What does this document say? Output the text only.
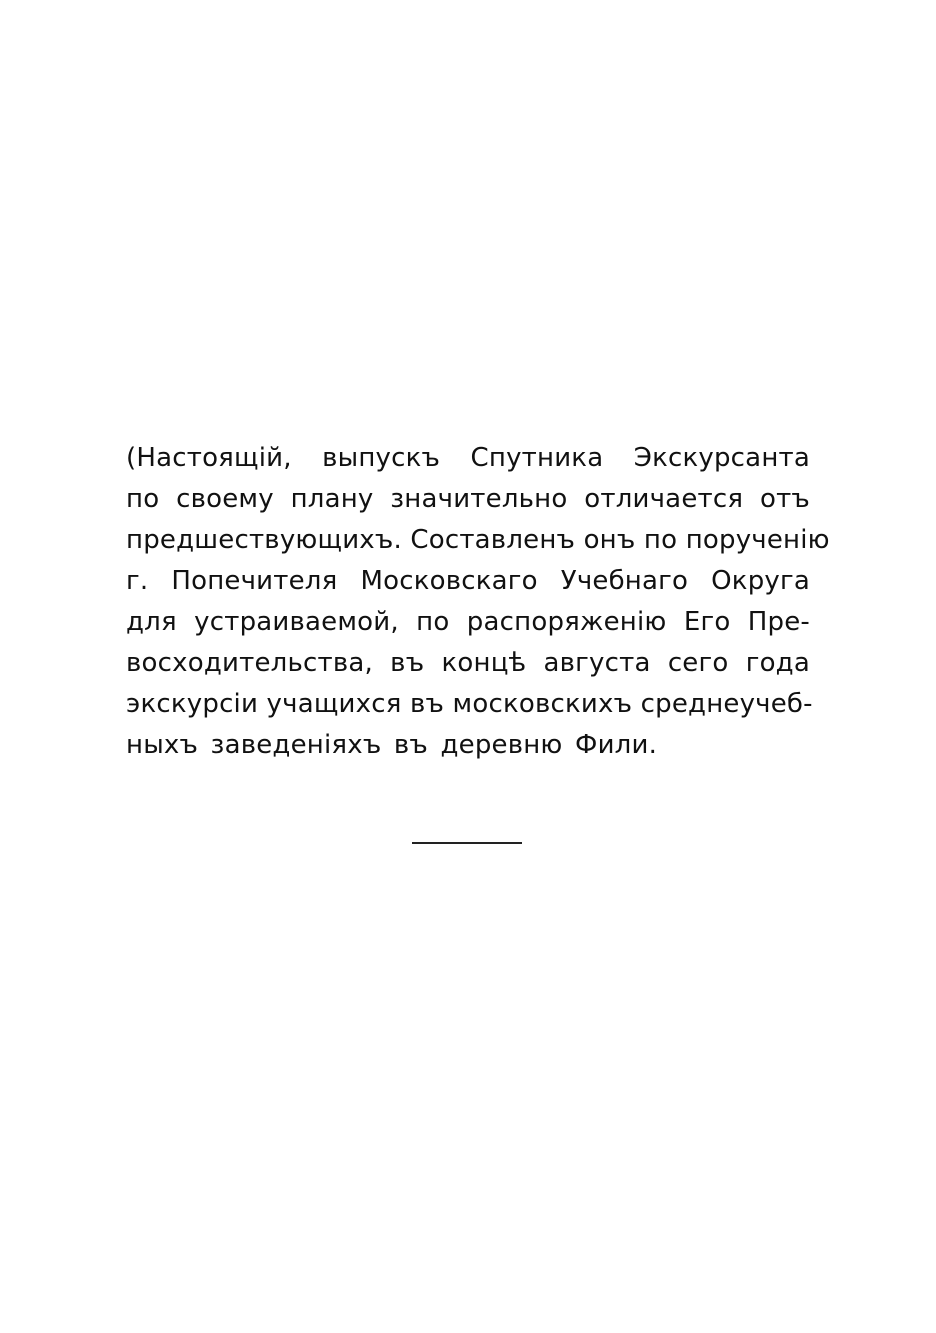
(Настоящій, выпускъ Спутника Экскурсанта
по своему плану значительно отличается отъ
предшествующихъ. Составленъ онъ по порученію
г. Попечителя Московскаго Учебнаго Округа
для устраиваемой, по распоряженію Его Пре-
восходительства, въ концѣ августа сего года
экскурсіи учащихся въ московскихъ среднеучеб-
ныхъ заведеніяхъ въ деревню Фили.
